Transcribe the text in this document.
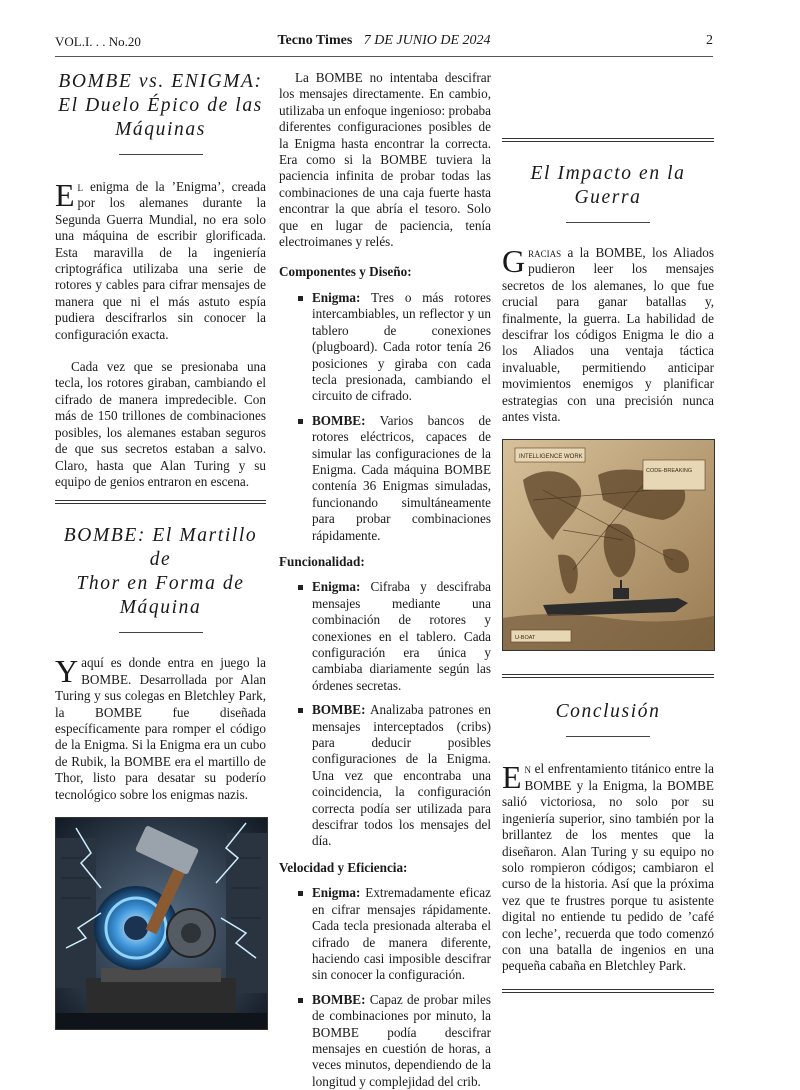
VOL.I. . . No.20	Tecno Times 7 DE JUNIO DE 2024	2
BOMBE vs. ENIGMA:
El Duelo Épico de las
Máquinas

El enigma de la ’Enigma’, creada por los alemanes durante la Segunda Guerra Mundial, no era solo una máquina de escribir glorificada. Esta maravilla de la ingeniería criptográfica utilizaba una serie de rotores y cables para cifrar mensajes de manera que ni el más astuto espía pudiera descifrarlos sin conocer la configuración exacta.

Cada vez que se presionaba una tecla, los rotores giraban, cambiando el cifrado de manera impredecible. Con más de 150 trillones de combinaciones posibles, los alemanes estaban seguros de que sus secretos estaban a salvo. Claro, hasta que Alan Turing y su equipo de genios entraron en escena.

BOMBE: El Martillo de
Thor en Forma de
Máquina

Y aquí es donde entra en juego la BOMBE. Desarrollada por Alan Turing y sus colegas en Bletchley Park, la BOMBE fue diseñada específicamente para romper el código de la Enigma. Si la Enigma era un cubo de Rubik, la BOMBE era el martillo de Thor, listo para desatar su poderío tecnológico sobre los enigmas nazis.

La BOMBE no intentaba descifrar los mensajes directamente. En cambio, utilizaba un enfoque ingenioso: probaba diferentes configuraciones posibles de la Enigma hasta encontrar la correcta. Era como si la BOMBE tuviera la paciencia infinita de probar todas las combinaciones de una caja fuerte hasta encontrar la que abría el tesoro. Solo que en lugar de paciencia, tenía electroimanes y relés.

Componentes y Diseño:

Enigma: Tres o más rotores intercambiables, un reflector y un tablero de conexiones (plugboard). Cada rotor tenía 26 posiciones y giraba con cada tecla presionada, cambiando el circuito de cifrado.
BOMBE: Varios bancos de rotores eléctricos, capaces de simular las configuraciones de la Enigma. Cada máquina BOMBE contenía 36 Enigmas simuladas, funcionando simultáneamente para probar combinaciones rápidamente.

Funcionalidad:

Enigma: Cifraba y descifraba mensajes mediante una combinación de rotores y conexiones en el tablero. Cada configuración era única y cambiaba diariamente según las órdenes secretas.
BOMBE: Analizaba patrones en mensajes interceptados (cribs) para deducir posibles configuraciones de la Enigma. Una vez que encontraba una coincidencia, la configuración correcta podía ser utilizada para descifrar todos los mensajes del día.

Velocidad y Eficiencia:

Enigma: Extremadamente eficaz en cifrar mensajes rápidamente. Cada tecla presionada alteraba el cifrado de manera diferente, haciendo casi imposible descifrar sin conocer la configuración.
BOMBE: Capaz de probar miles de combinaciones por minuto, la BOMBE podía descifrar mensajes en cuestión de horas, a veces minutos, dependiendo de la longitud y complejidad del crib.
El Impacto en la
Guerra

Gracias a la BOMBE, los Aliados pudieron leer los mensajes secretos de los alemanes, lo que fue crucial para ganar batallas y, finalmente, la guerra. La habilidad de descifrar los códigos Enigma le dio a los Aliados una ventaja táctica invaluable, permitiendo anticipar movimientos enemigos y planificar estrategias con una precisión nunca antes vista.

INTELLIGENCE WORK
CODE-BREAKING
U-BOAT
Conclusión

En el enfrentamiento titánico entre la BOMBE y la Enigma, la BOMBE salió victoriosa, no solo por su ingeniería superior, sino también por la brillantez de los mentes que la diseñaron. Alan Turing y su equipo no solo rompieron códigos; cambiaron el curso de la historia. Así que la próxima vez que te frustres porque tu asistente digital no entiende tu pedido de ’café con leche’, recuerda que todo comenzó con una batalla de ingenios en una pequeña cabaña en Bletchley Park.
